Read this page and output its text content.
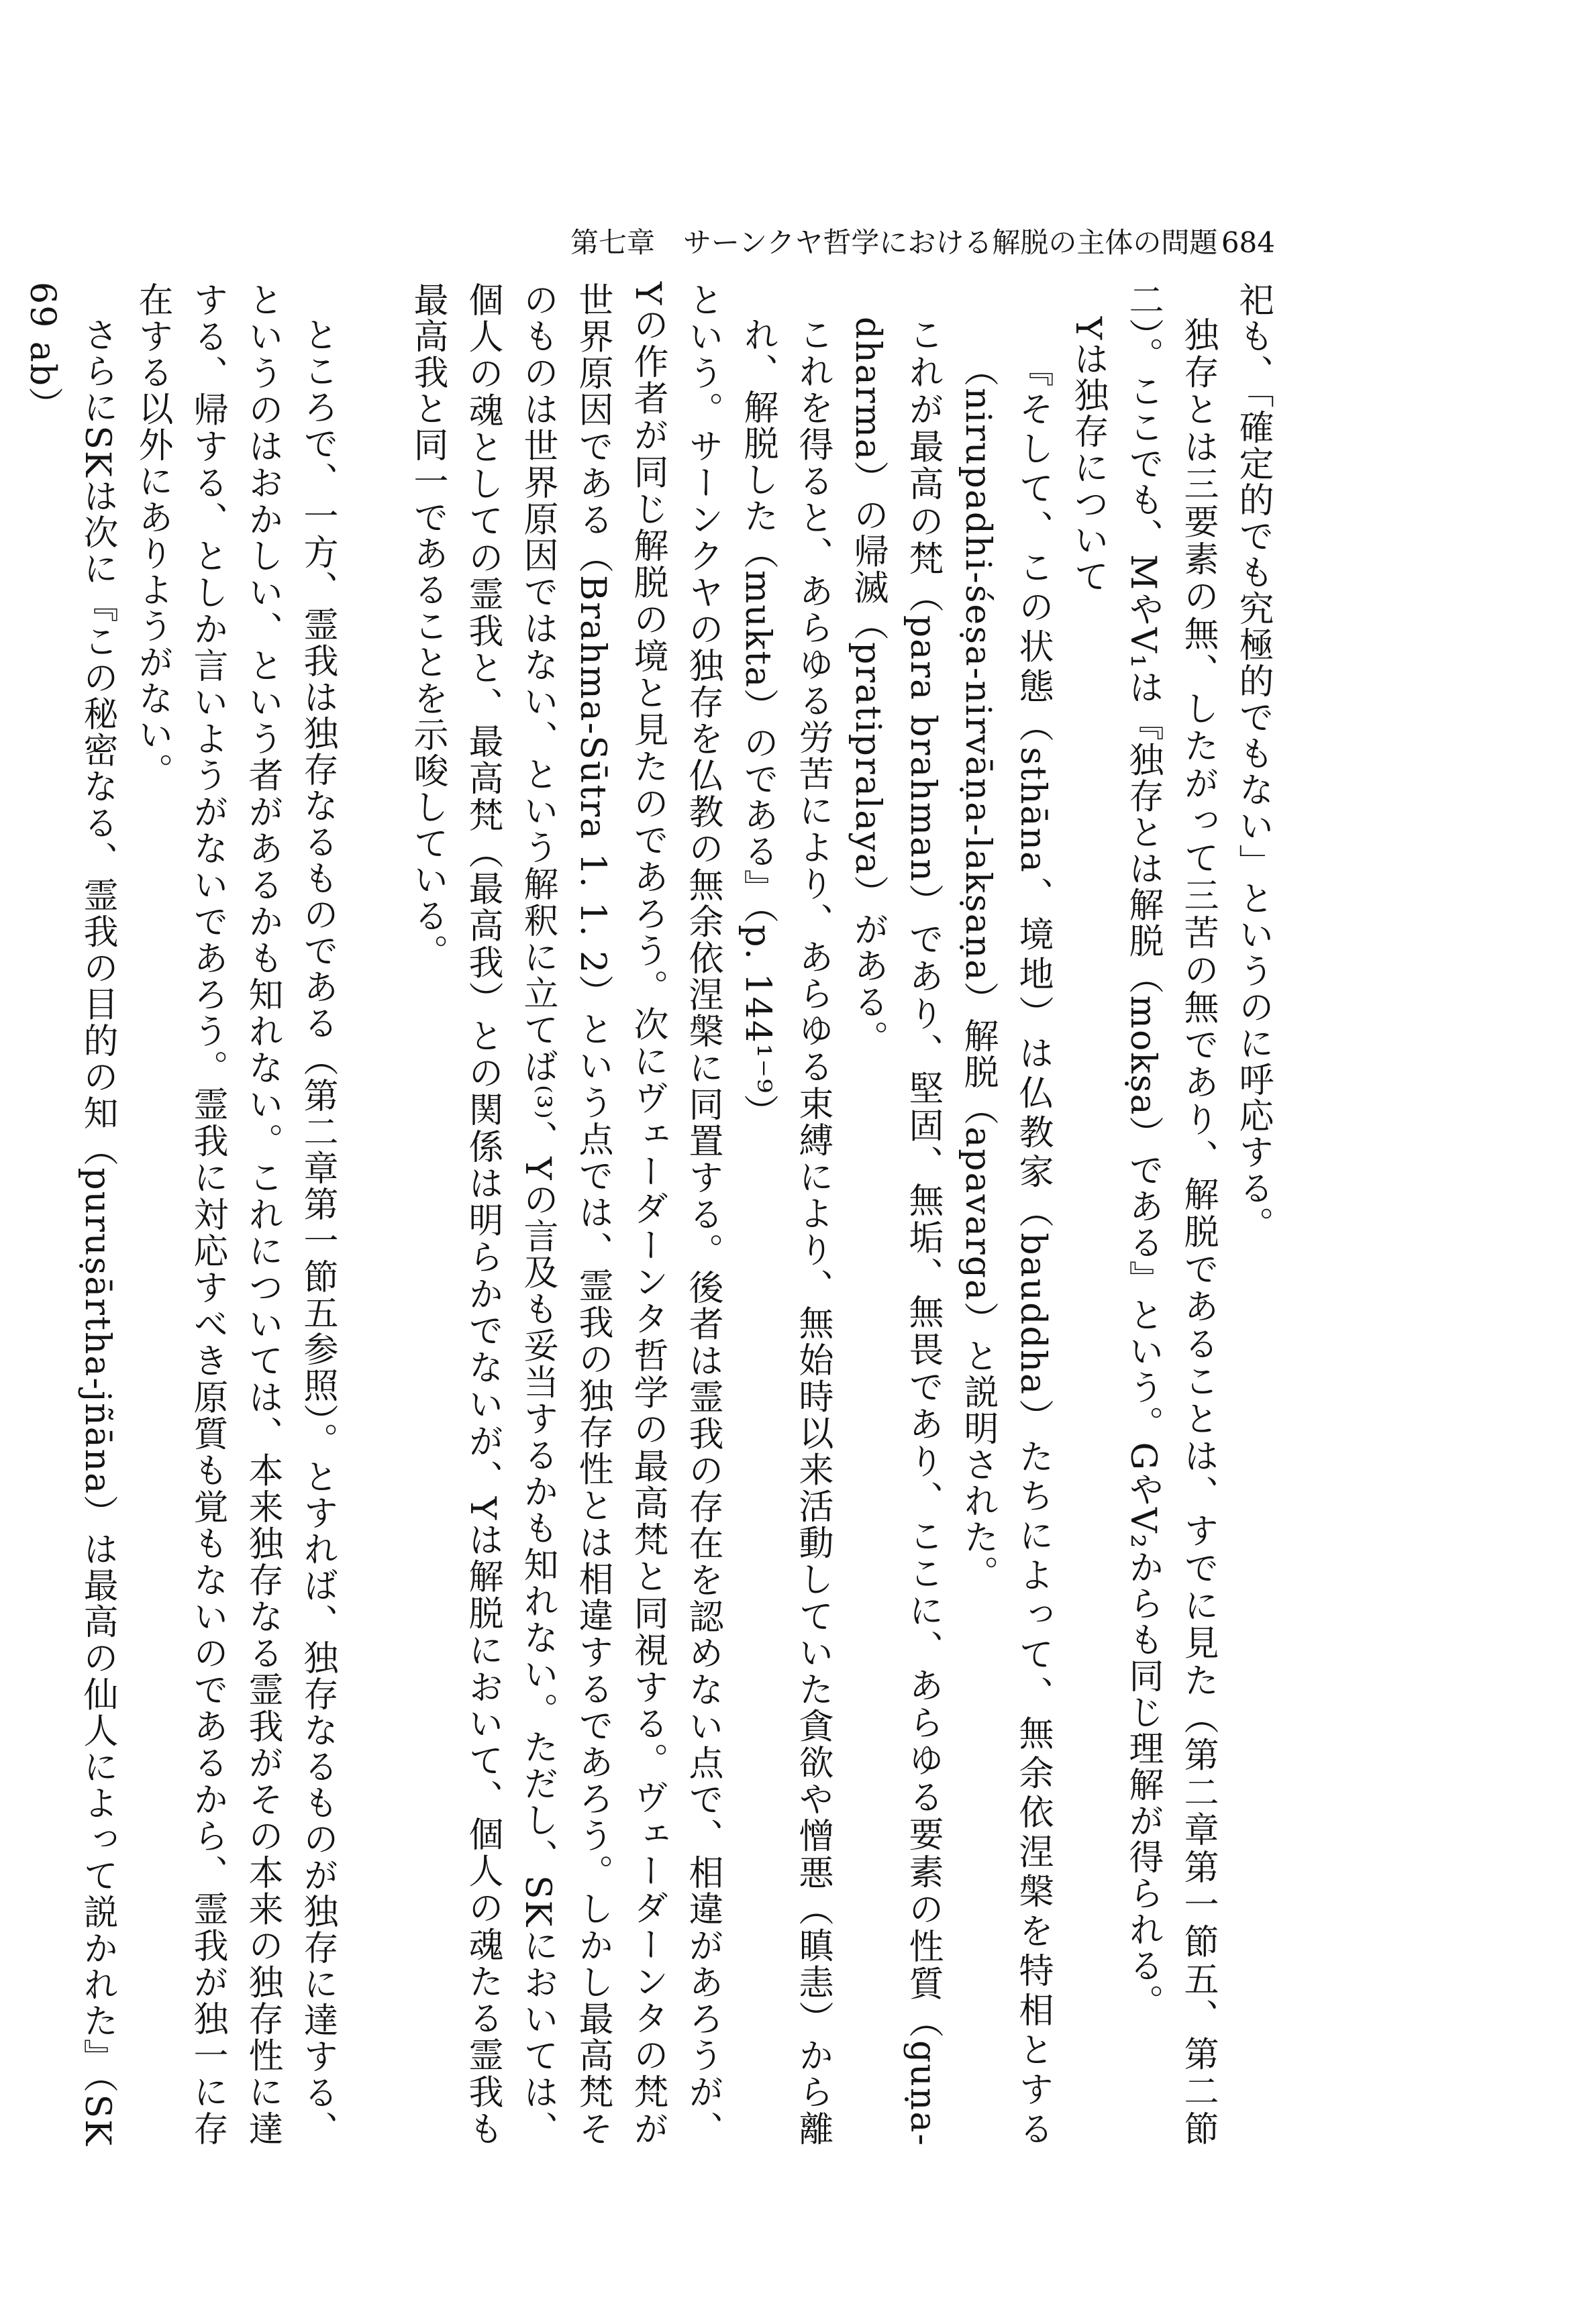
第七章　サーンクヤ哲学における解脱の主体の問題 684

祀も、「確定的でも究極的でもない」というのに呼応する。

独存とは三要素の無、したがって三苦の無であり、解脱であることは、すでに見た（第二章第一節五、第二節二）。ここでも、MやV₁は『独存とは解脱（mokṣa）である』という。GやV₂からも同じ理解が得られる。

Yは独存について

『そして、この状態（sthāna、境地）は仏教家（bauddha）たちによって、無余依涅槃を特相とする（nirupadhi-śeṣa-nirvāṇa-lakṣaṇa）解脱（apavarga）と説明された。

これが最高の梵（para brahman）であり、堅固、無垢、無畏であり、ここに、あらゆる要素の性質（guṇa-dharma）の帰滅（pratipralaya）がある。

これを得ると、あらゆる労苦により、あらゆる束縛により、無始時以来活動していた貪欲や憎悪（瞋恚）から離れ、解脱した（mukta）のである』（p. 144¹⁻⁹）

という。サーンクヤの独存を仏教の無余依涅槃に同置する。後者は霊我の存在を認めない点で、相違があろうが、Yの作者が同じ解脱の境と見たのであろう。次にヴェーダーンタ哲学の最高梵と同視する。ヴェーダーンタの梵が世界原因である（Brahma-Sūtra 1. 1. 2）という点では、霊我の独存性とは相違するであろう。しかし最高梵そのものは世界原因ではない、という解釈に立てば⁽³⁾、Yの言及も妥当するかも知れない。ただし、SKにおいては、個人の魂としての霊我と、最高梵（最高我）との関係は明らかでないが、Yは解脱において、個人の魂たる霊我も最高我と同一であることを示唆している。

ところで、一方、霊我は独存なるものである（第二章第一節五参照）。とすれば、独存なるものが独存に達する、というのはおかしい、という者があるかも知れない。これについては、本来独存なる霊我がその本来の独存性に達する、帰する、としか言いようがないであろう。霊我に対応すべき原質も覚もないのであるから、霊我が独一に存在する以外にありようがない。

さらにSKは次に『この秘密なる、霊我の目的の知（puruṣārtha-jñāna）は最高の仙人によって説かれた』（SK 69 ab）
